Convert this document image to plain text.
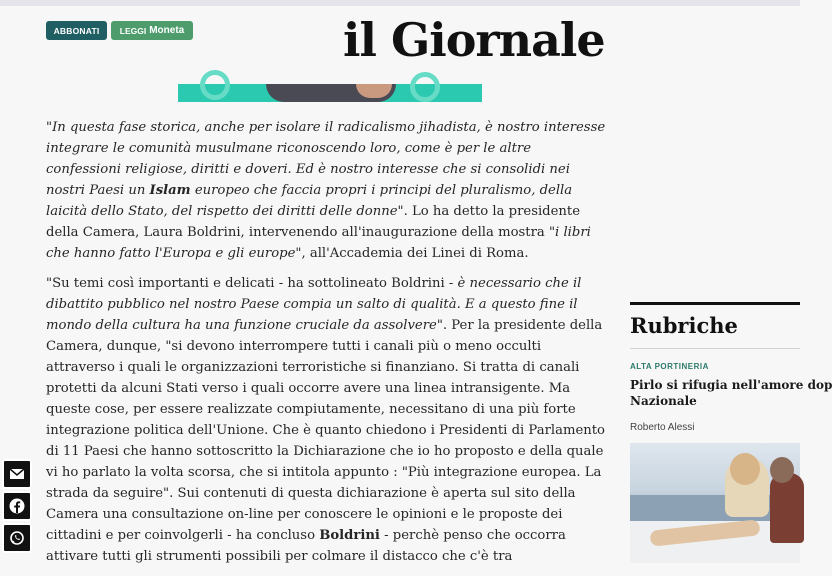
ABBONATI LEGGI Moneta	il Giornale

"In questa fase storica, anche per isolare il radicalismo jihadista, è nostro interesse integrare le comunità musulmane riconoscendo loro, come è per le altre confessioni religiose, diritti e doveri. Ed è nostro interesse che si consolidi nei nostri Paesi un Islam europeo che faccia propri i principi del pluralismo, della laicità dello Stato, del rispetto dei diritti delle donne". Lo ha detto la presidente della Camera, Laura Boldrini, intervenendo all'inaugurazione della mostra "i libri che hanno fatto l'Europa e gli europe", all'Accademia dei Linei di Roma.

"Su temi così importanti e delicati - ha sottolineato Boldrini - è necessario che il dibattito pubblico nel nostro Paese compia un salto di qualità. E a questo fine il mondo della cultura ha una funzione cruciale da assolvere". Per la presidente della Camera, dunque, "si devono interrompere tutti i canali più o meno occulti attraverso i quali le organizzazioni terroristiche si finanziano. Si tratta di canali protetti da alcuni Stati verso i quali occorre avere una linea intransigente. Ma queste cose, per essere realizzate compiutamente, necessitano di una più forte integrazione politica dell'Unione. Che è quanto chiedono i Presidenti di Parlamento di 11 Paesi che hanno sottoscritto la Dichiarazione che io ho proposto e della quale vi ho parlato la volta scorsa, che si intitola appunto : "Più integrazione europea. La strada da seguire". Sui contenuti di questa dichiarazione è aperta sul sito della Camera una consultazione on-line per conoscere le opinioni e le proposte dei cittadini e per coinvolgerli - ha concluso Boldrini - perchè penso che occorra attivare tutti gli strumenti possibili per colmare il distacco che c'è tra

Rubriche
ALTA PORTINERIA
Pirlo si rifugia nell'amore dop
Nazionale
Roberto Alessi
